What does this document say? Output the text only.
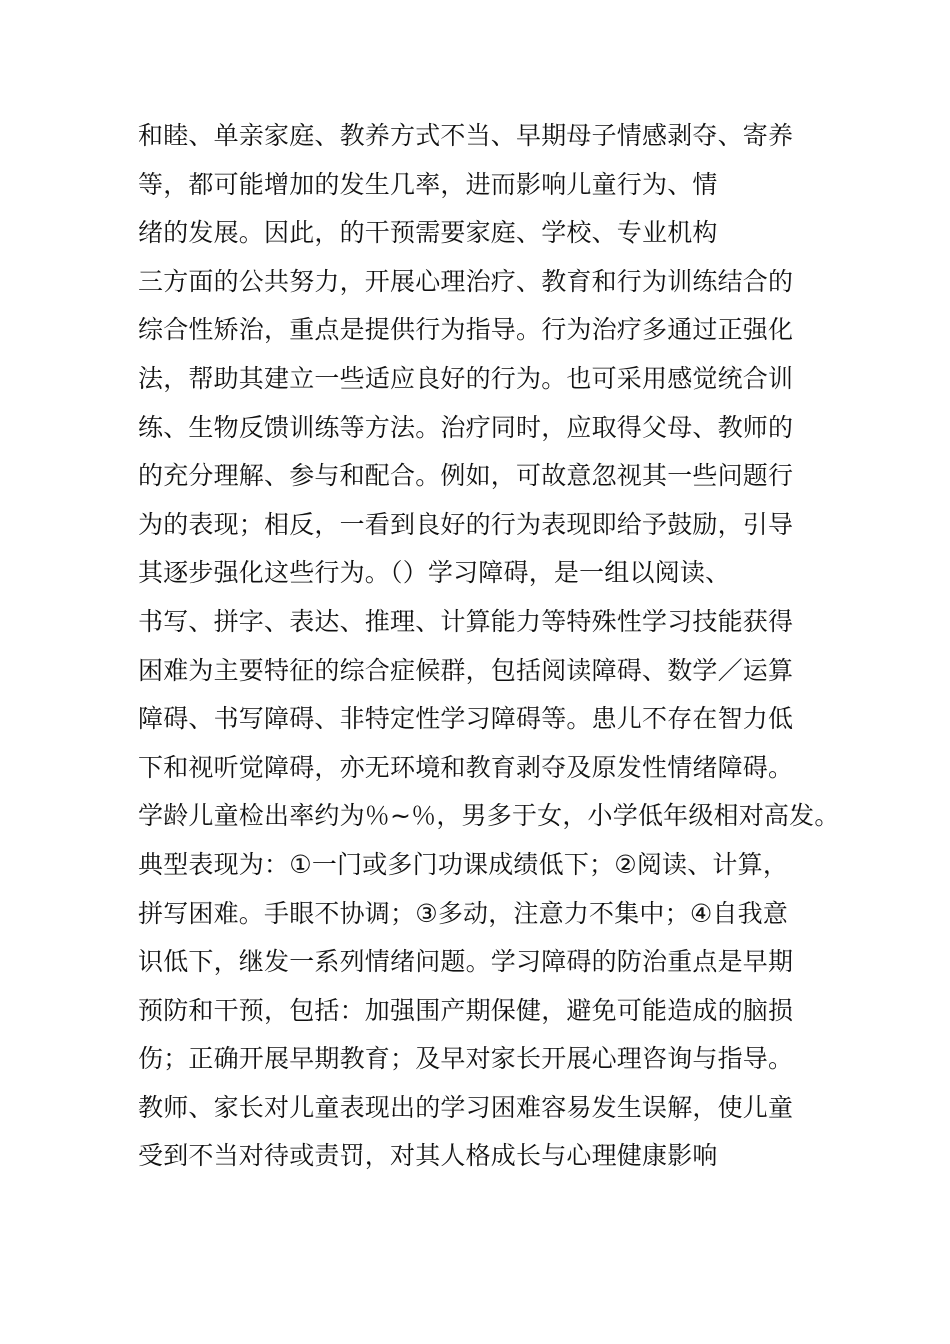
和睦、单亲家庭、教养方式不当、早期母子情感剥夺、寄养
等，都可能增加的发生几率，进而影响儿童行为、情
绪的发展。因此，的干预需要家庭、学校、专业机构
三方面的公共努力，开展心理治疗、教育和行为训练结合的
综合性矫治，重点是提供行为指导。行为治疗多通过正强化
法，帮助其建立一些适应良好的行为。也可采用感觉统合训
练、生物反馈训练等方法。治疗同时，应取得父母、教师的
的充分理解、参与和配合。例如，可故意忽视其一些问题行
为的表现；相反，一看到良好的行为表现即给予鼓励，引导
其逐步强化这些行为。（）学习障碍，是一组以阅读、
书写、拼字、表达、推理、计算能力等特殊性学习技能获得
困难为主要特征的综合症候群，包括阅读障碍、数学／运算
障碍、书写障碍、非特定性学习障碍等。患儿不存在智力低
下和视听觉障碍，亦无环境和教育剥夺及原发性情绪障碍。
学龄儿童检出率约为％~％，男多于女，小学低年级相对高发。
典型表现为：①一门或多门功课成绩低下；②阅读、计算，
拼写困难。手眼不协调；③多动，注意力不集中；④自我意
识低下，继发一系列情绪问题。学习障碍的防治重点是早期
预防和干预，包括：加强围产期保健，避免可能造成的脑损
伤；正确开展早期教育；及早对家长开展心理咨询与指导。
教师、家长对儿童表现出的学习困难容易发生误解，使儿童
受到不当对待或责罚，对其人格成长与心理健康影响
